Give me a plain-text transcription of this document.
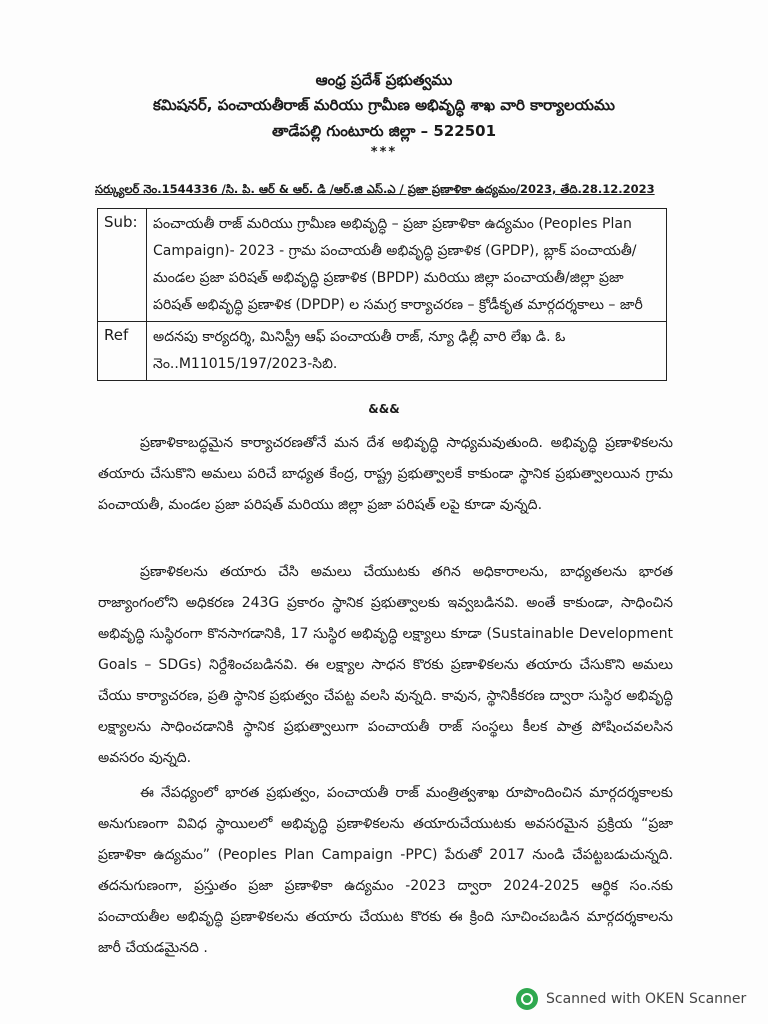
ఆంధ్ర ప్రదేశ్ ప్రభుత్వము
కమిషనర్, పంచాయతీరాజ్ మరియు గ్రామీణ అభివృద్ధి శాఖ వారి కార్యాలయము
తాడేపల్లి గుంటూరు జిల్లా – 522501
***
సర్క్యులర్ నెం.1544336 /సి. పి. ఆర్ & ఆర్. డి /ఆర్.జి ఎస్.ఎ / ప్రజా ప్రణాళికా ఉద్యమం/2023, తేది.28.12.2023
Sub:	పంచాయతీ రాజ్ మరియు గ్రామీణ అభివృద్ధి – ప్రజా ప్రణాళికా ఉద్యమం (Peoples Plan Campaign)- 2023 - గ్రామ పంచాయతీ అభివృద్ధి ప్రణాళిక (GPDP), బ్లాక్ పంచాయతీ/ మండల ప్రజా పరిషత్ అభివృద్ధి ప్రణాళిక (BPDP) మరియు జిల్లా పంచాయతీ/జిల్లా ప్రజా పరిషత్ అభివృద్ధి ప్రణాళిక (DPDP) ల సమగ్ర కార్యాచరణ – క్రోడీకృత మార్గదర్శకాలు – జారీ
Ref	అదనపు కార్యదర్శి, మినిస్ట్రీ ఆఫ్ పంచాయతీ రాజ్, న్యూ ఢిల్లీ వారి లేఖ డి. ఓ నెం..M11015/197/2023-సిబి.
&&&
ప్రణాళికాబద్ధమైన కార్యాచరణతోనే మన దేశ అభివృద్ధి సాధ్యమవుతుంది. అభివృద్ధి ప్రణాళికలను తయారు చేసుకొని అమలు పరిచే బాధ్యత కేంద్ర, రాష్ట్ర ప్రభుత్వాలకే కాకుండా స్థానిక ప్రభుత్వాలయిన గ్రామ పంచాయతీ, మండల ప్రజా పరిషత్ మరియు జిల్లా ప్రజా పరిషత్ లపై కూడా వున్నది.
ప్రణాళికలను తయారు చేసి అమలు చేయుటకు తగిన అధికారాలను, బాధ్యతలను భారత రాజ్యాంగంలోని అధికరణ 243G ప్రకారం స్థానిక ప్రభుత్వాలకు ఇవ్వబడినవి. అంతే కాకుండా, సాధించిన అభివృద్ధి సుస్థిరంగా కొనసాగడానికి, 17 సుస్థిర అభివృద్ధి లక్ష్యాలు కూడా (Sustainable Development Goals – SDGs) నిర్దేశించబడినవి. ఈ లక్ష్యాల సాధన కొరకు ప్రణాళికలను తయారు చేసుకొని అమలు చేయు కార్యాచరణ, ప్రతి స్థానిక ప్రభుత్వం చేపట్ట వలసి వున్నది. కావున, స్థానికీకరణ ద్వారా సుస్థిర అభివృద్ధి లక్ష్యాలను సాధించడానికి స్థానిక ప్రభుత్వాలుగా పంచాయతీ రాజ్ సంస్థలు కీలక పాత్ర పోషించవలసిన అవసరం వున్నది.
ఈ నేపధ్యంలో భారత ప్రభుత్వం, పంచాయతీ రాజ్ మంత్రిత్వశాఖ రూపొందించిన మార్గదర్శకాలకు అనుగుణంగా వివిధ స్థాయిలలో అభివృద్ధి ప్రణాళికలను తయారుచేయుటకు అవసరమైన ప్రక్రియ “ప్రజా ప్రణాళికా ఉద్యమం” (Peoples Plan Campaign -PPC) పేరుతో 2017 నుండి చేపట్టబడుచున్నది. తదనుగుణంగా, ప్రస్తుతం ప్రజా ప్రణాళికా ఉద్యమం -2023 ద్వారా 2024-2025 ఆర్థిక సం.నకు పంచాయతీల అభివృద్ధి ప్రణాళికలను తయారు చేయుట కొరకు ఈ క్రింది సూచించబడిన మార్గదర్శకాలను జారీ చేయడమైనది .
Scanned with OKEN Scanner
